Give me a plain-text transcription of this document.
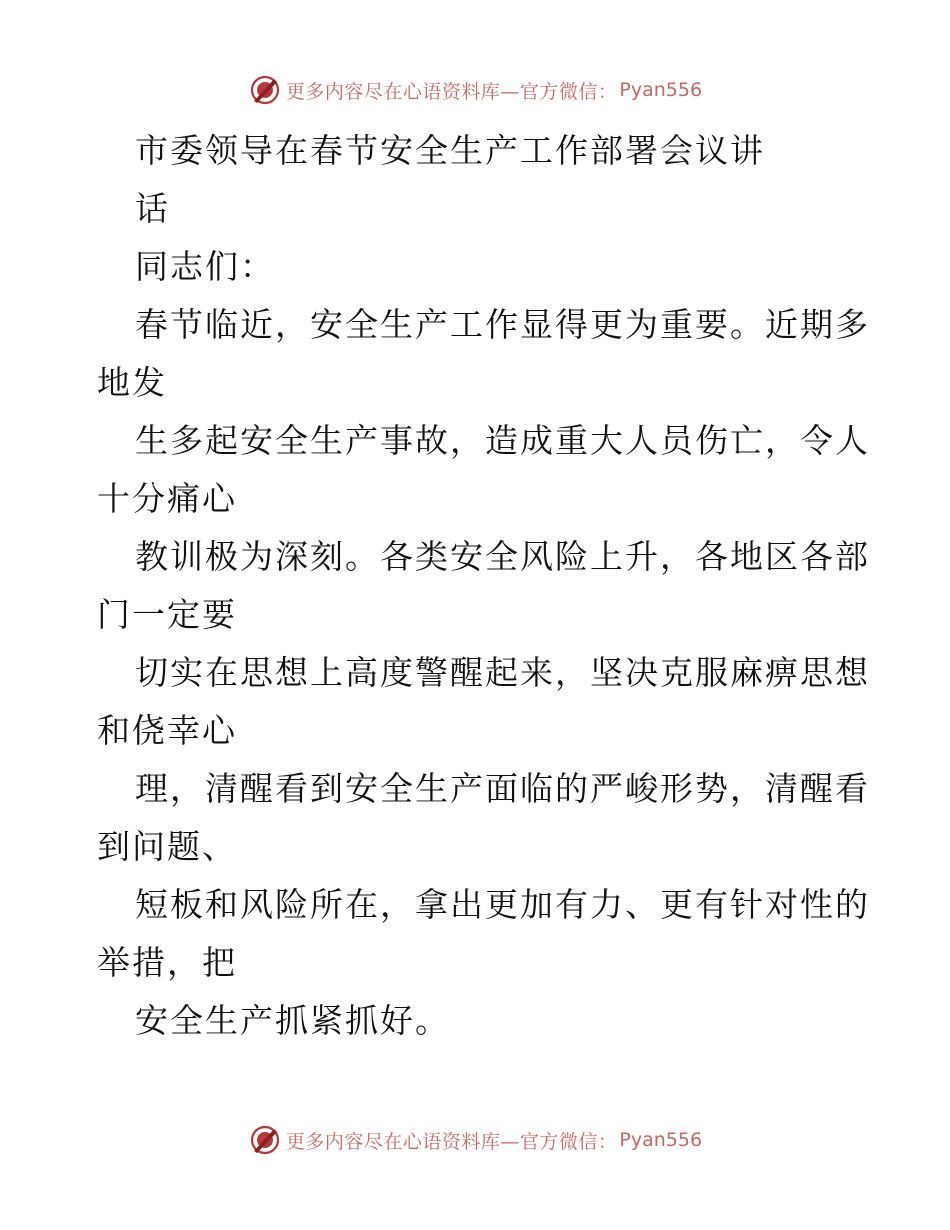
更多内容尽在心语资料库—官方微信： Pyan556
市委领导在春节安全生产工作部署会议讲
话
同志们：
春节临近，安全生产工作显得更为重要。近期多
地发
生多起安全生产事故，造成重大人员伤亡，令人
十分痛心
教训极为深刻。各类安全风险上升，各地区各部
门一定要
切实在思想上高度警醒起来，坚决克服麻痹思想
和侥幸心
理，清醒看到安全生产面临的严峻形势，清醒看
到问题、
短板和风险所在，拿出更加有力、更有针对性的
举措，把
安全生产抓紧抓好。
更多内容尽在心语资料库—官方微信： Pyan556
